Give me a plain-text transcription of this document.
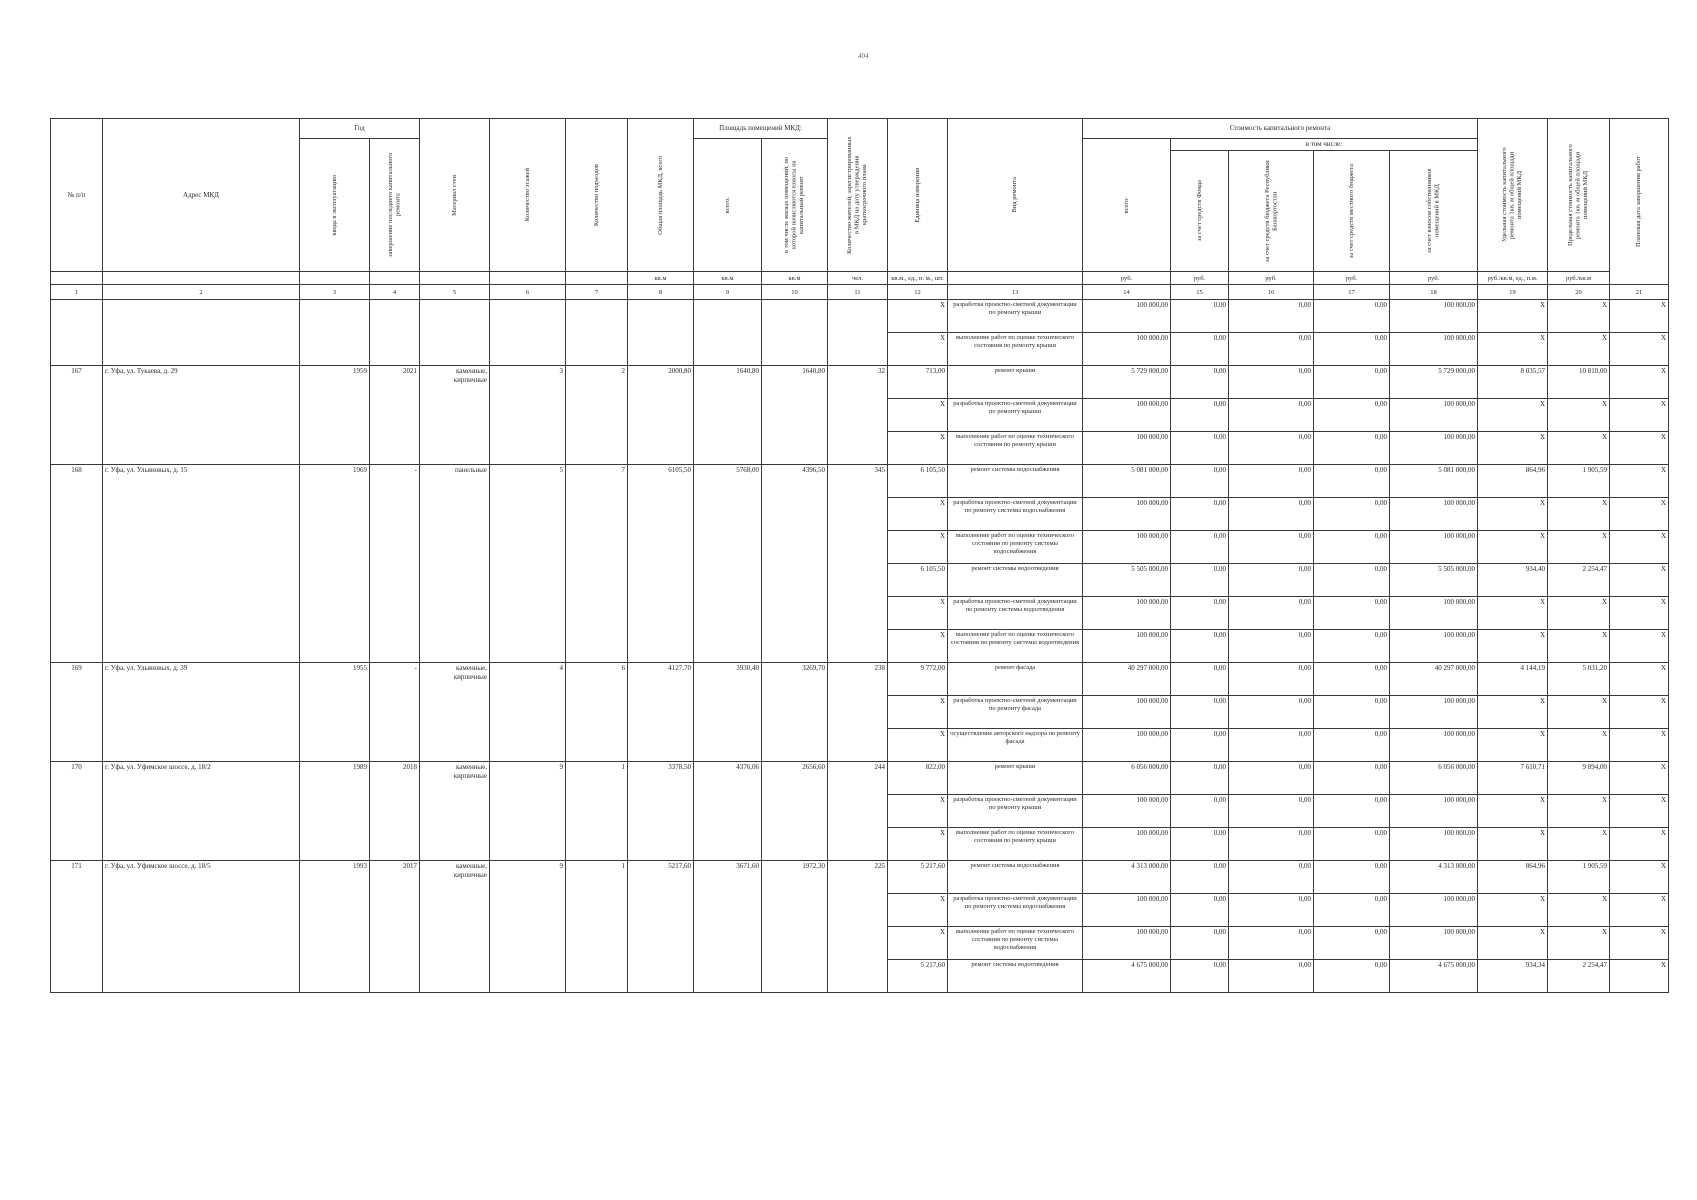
404
№ п/п	Адрес МКД	Год		Материал стен	Количество этажей	Количество подъездов	Общая площадь МКД, всего	Площадь помещений МКД:		Количество жителей, зарегистрированных в МКД на дату утверждения краткосрочного плана	Единица измерения	Вид ремонта	Стоимость капитального ремонта					Удельная стоимость капитального ремонта 1кв. м общей площади помещений МКД	Предельная стоимость капитального ремонта 1кв. м общей площади помещений МКД	Плановая дата завершения работ

		ввода в эксплуатацию	завершение последнего капитального ремонта					всего:	в том числе жилых помещений, по которой начисляются взносы на капитальный ремонт				всего:	в том числе:						

														за счет средств Фонда	за счет средств бюджета Республики Башкортостан	за счет средств местного бюджета	за счет взносов собственников помещений в МКД			

							кв.м	кв.м	кв.м	чел.	кв.м., ед., п. м., шт.		руб.	руб.	руб.	руб.	руб.	руб./кв.м, ед., п.м.	руб./кв.м	
1	2	3	4	5	6	7	8	9	10	11	12	13	14	15	16	17	18	19	20	21
											X	разработка проектно-сметной документации по ремонту крыши	100 000,00	0,00	0,00	0,00	100 000,00	X	X	X
											X	выполнение работ по оценке технического состояния по ремонту крыши	100 000,00	0,00	0,00	0,00	100 000,00	X	X	X
167	г. Уфа, ул. Тукаева, д. 29	1959	2021	каменные, кирпичные	3	2	2000,80	1640,80	1640,80	32	713,00	ремонт крыши	5 729 000,00	0,00	0,00	0,00	5 729 000,00	8 035,57	10 810,00	X
											X	разработка проектно-сметной документации по ремонту крыши	100 000,00	0,00	0,00	0,00	100 000,00	X	X	X
											X	выполнение работ по оценке технического состояния по ремонту крыши	100 000,00	0,00	0,00	0,00	100 000,00	X	X	X
168	г. Уфа, ул. Ульяновых, д. 15	1969	-	панельные	5	7	6105,50	5768,00	4396,50	345	6 105,50	ремонт системы водоснабжения	5 081 000,00	0,00	0,00	0,00	5 081 000,00	864,96	1 905,59	X
											X	разработка проектно-сметной документации по ремонту системы водоснабжения	100 000,00	0,00	0,00	0,00	100 000,00	X	X	X
											X	выполнение работ по оценке технического состояния по ремонту системы водоснабжения	100 000,00	0,00	0,00	0,00	100 000,00	X	X	X
											6 105,50	ремонт системы водоотведения	5 505 000,00	0,00	0,00	0,00	5 505 000,00	934,40	2 254,47	X
											X	разработка проектно-сметной документации по ремонту системы водоотведения	100 000,00	0,00	0,00	0,00	100 000,00	X	X	X
											X	выполнение работ по оценке технического состояния по ремонту системы водоотведения	100 000,00	0,00	0,00	0,00	100 000,00	X	X	X
169	г. Уфа, ул. Ульяновых, д. 39	1955	-	каменные, кирпичные	4	6	4127,70	3930,40	3269,70	238	9 772,00	ремонт фасада	40 297 000,00	0,00	0,00	0,00	40 297 000,00	4 144,19	5 031,20	X
											X	разработка проектно-сметной документации по ремонту фасада	100 000,00	0,00	0,00	0,00	100 000,00	X	X	X
											X	осуществление авторского надзора по ремонту фасада	100 000,00	0,00	0,00	0,00	100 000,00	X	X	X
170	г. Уфа, ул. Уфимское шоссе, д. 18/2	1989	2018	каменные, кирпичные	9	1	3378,50	4376,06	2656,60	244	822,00	ремонт крыши	6 056 000,00	0,00	0,00	0,00	6 056 000,00	7 610,71	9 894,00	X
											X	разработка проектно-сметной документации по ремонту крыши	100 000,00	0,00	0,00	0,00	100 000,00	X	X	X
											X	выполнение работ по оценке технического состояния по ремонту крыши	100 000,00	0,00	0,00	0,00	100 000,00	X	X	X
171	г. Уфа, ул. Уфимское шоссе, д. 18/5	1993	2017	каменные, кирпичные	9	1	5217,60	3671,60	1972,30	225	5 217,60	ремонт системы водоснабжения	4 313 000,00	0,00	0,00	0,00	4 313 000,00	864,96	1 905,59	X
											X	разработка проектно-сметной документации по ремонту системы водоснабжения	100 000,00	0,00	0,00	0,00	100 000,00	X	X	X
											X	выполнение работ по оценке технического состояния по ремонту системы водоснабжения	100 000,00	0,00	0,00	0,00	100 000,00	X	X	X
											5 217,60	ремонт системы водоотведения	4 675 000,00	0,00	0,00	0,00	4 675 000,00	934,34	2 254,47	X
